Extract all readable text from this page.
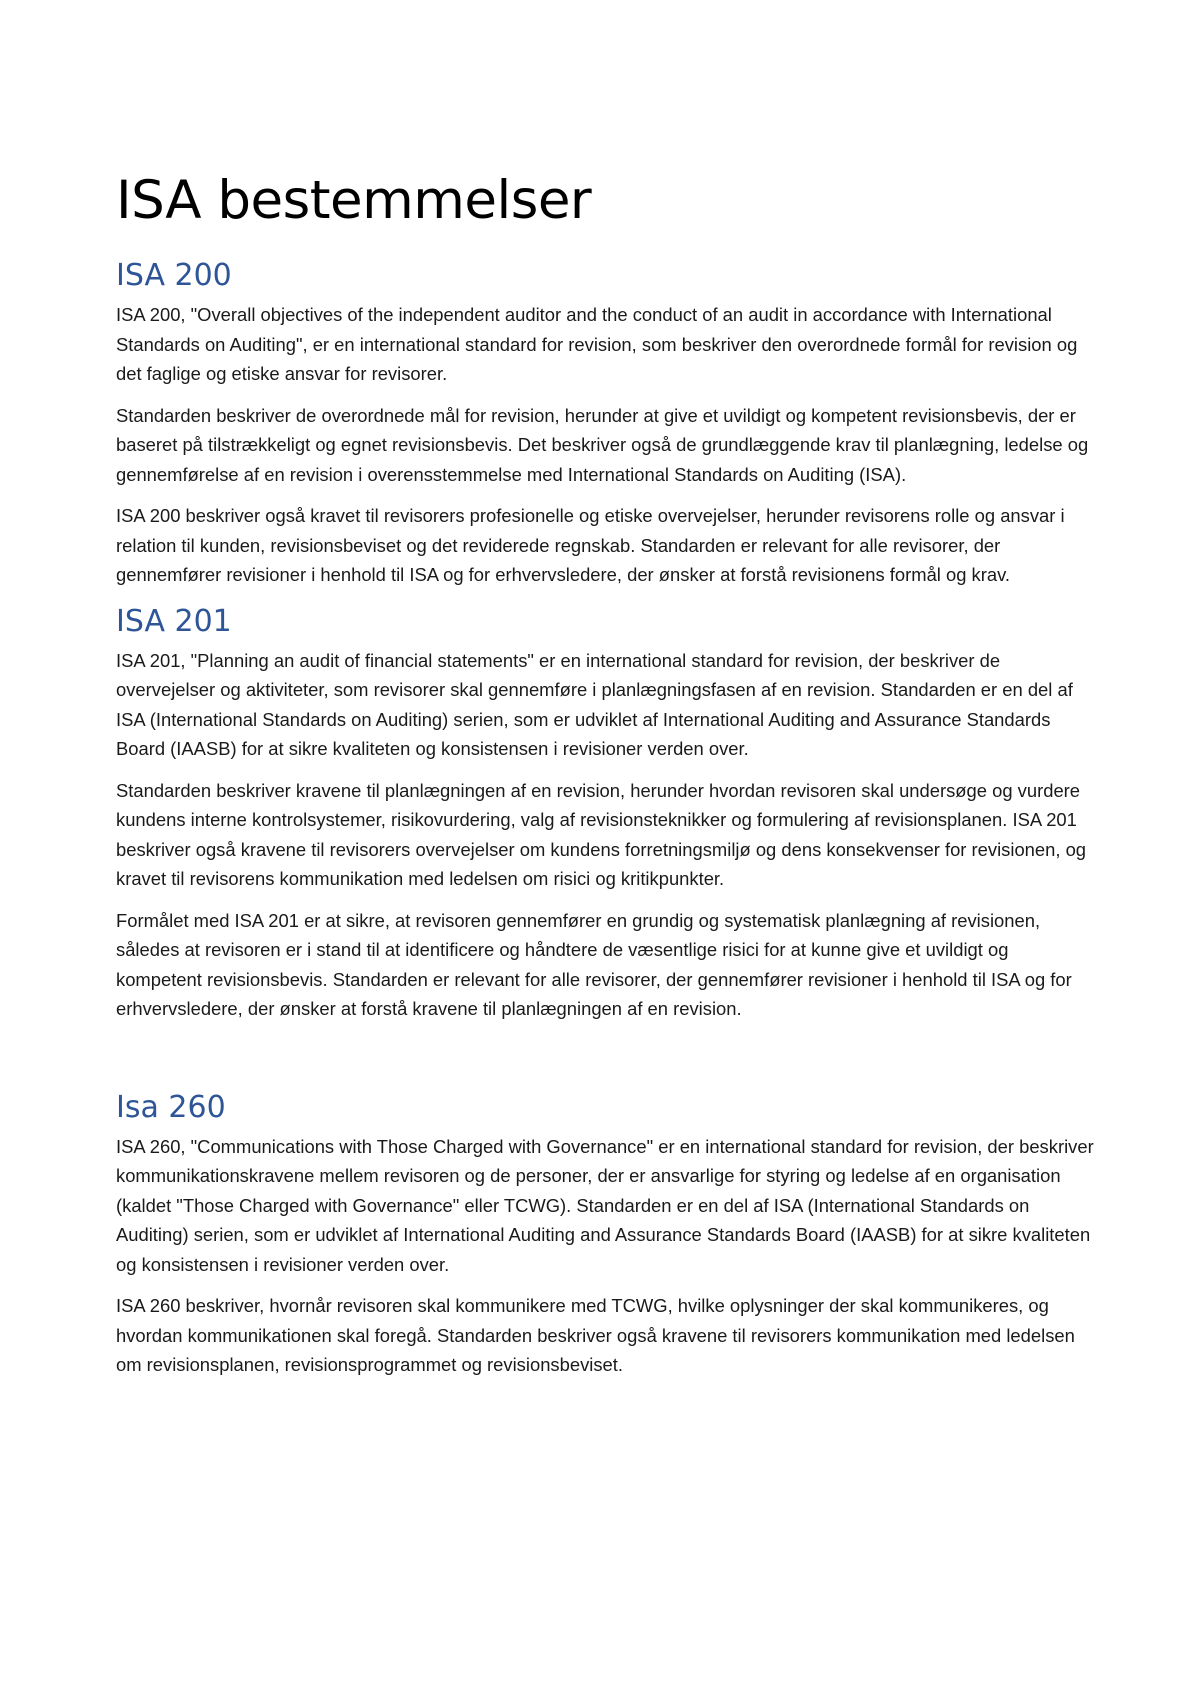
ISA bestemmelser
ISA 200

ISA 200, "Overall objectives of the independent auditor and the conduct of an audit in accordance with International Standards on Auditing", er en international standard for revision, som beskriver den overordnede formål for revision og det faglige og etiske ansvar for revisorer.

Standarden beskriver de overordnede mål for revision, herunder at give et uvildigt og kompetent revisionsbevis, der er baseret på tilstrækkeligt og egnet revisionsbevis. Det beskriver også de grundlæggende krav til planlægning, ledelse og gennemførelse af en revision i overensstemmelse med International Standards on Auditing (ISA).

ISA 200 beskriver også kravet til revisorers profesionelle og etiske overvejelser, herunder revisorens rolle og ansvar i relation til kunden, revisionsbeviset og det reviderede regnskab. Standarden er relevant for alle revisorer, der gennemfører revisioner i henhold til ISA og for erhvervsledere, der ønsker at forstå revisionens formål og krav.

ISA 201

ISA 201, "Planning an audit of financial statements" er en international standard for revision, der beskriver de overvejelser og aktiviteter, som revisorer skal gennemføre i planlægningsfasen af en revision. Standarden er en del af ISA (International Standards on Auditing) serien, som er udviklet af International Auditing and Assurance Standards Board (IAASB) for at sikre kvaliteten og konsistensen i revisioner verden over.

Standarden beskriver kravene til planlægningen af en revision, herunder hvordan revisoren skal undersøge og vurdere kundens interne kontrolsystemer, risikovurdering, valg af revisionsteknikker og formulering af revisionsplanen. ISA 201 beskriver også kravene til revisorers overvejelser om kundens forretningsmiljø og dens konsekvenser for revisionen, og kravet til revisorens kommunikation med ledelsen om risici og kritikpunkter.

Formålet med ISA 201 er at sikre, at revisoren gennemfører en grundig og systematisk planlægning af revisionen, således at revisoren er i stand til at identificere og håndtere de væsentlige risici for at kunne give et uvildigt og kompetent revisionsbevis. Standarden er relevant for alle revisorer, der gennemfører revisioner i henhold til ISA og for erhvervsledere, der ønsker at forstå kravene til planlægningen af en revision.

Isa 260

ISA 260, "Communications with Those Charged with Governance" er en international standard for revision, der beskriver kommunikationskravene mellem revisoren og de personer, der er ansvarlige for styring og ledelse af en organisation (kaldet "Those Charged with Governance" eller TCWG). Standarden er en del af ISA (International Standards on Auditing) serien, som er udviklet af International Auditing and Assurance Standards Board (IAASB) for at sikre kvaliteten og konsistensen i revisioner verden over.

ISA 260 beskriver, hvornår revisoren skal kommunikere med TCWG, hvilke oplysninger der skal kommunikeres, og hvordan kommunikationen skal foregå. Standarden beskriver også kravene til revisorers kommunikation med ledelsen om revisionsplanen, revisionsprogrammet og revisionsbeviset.
